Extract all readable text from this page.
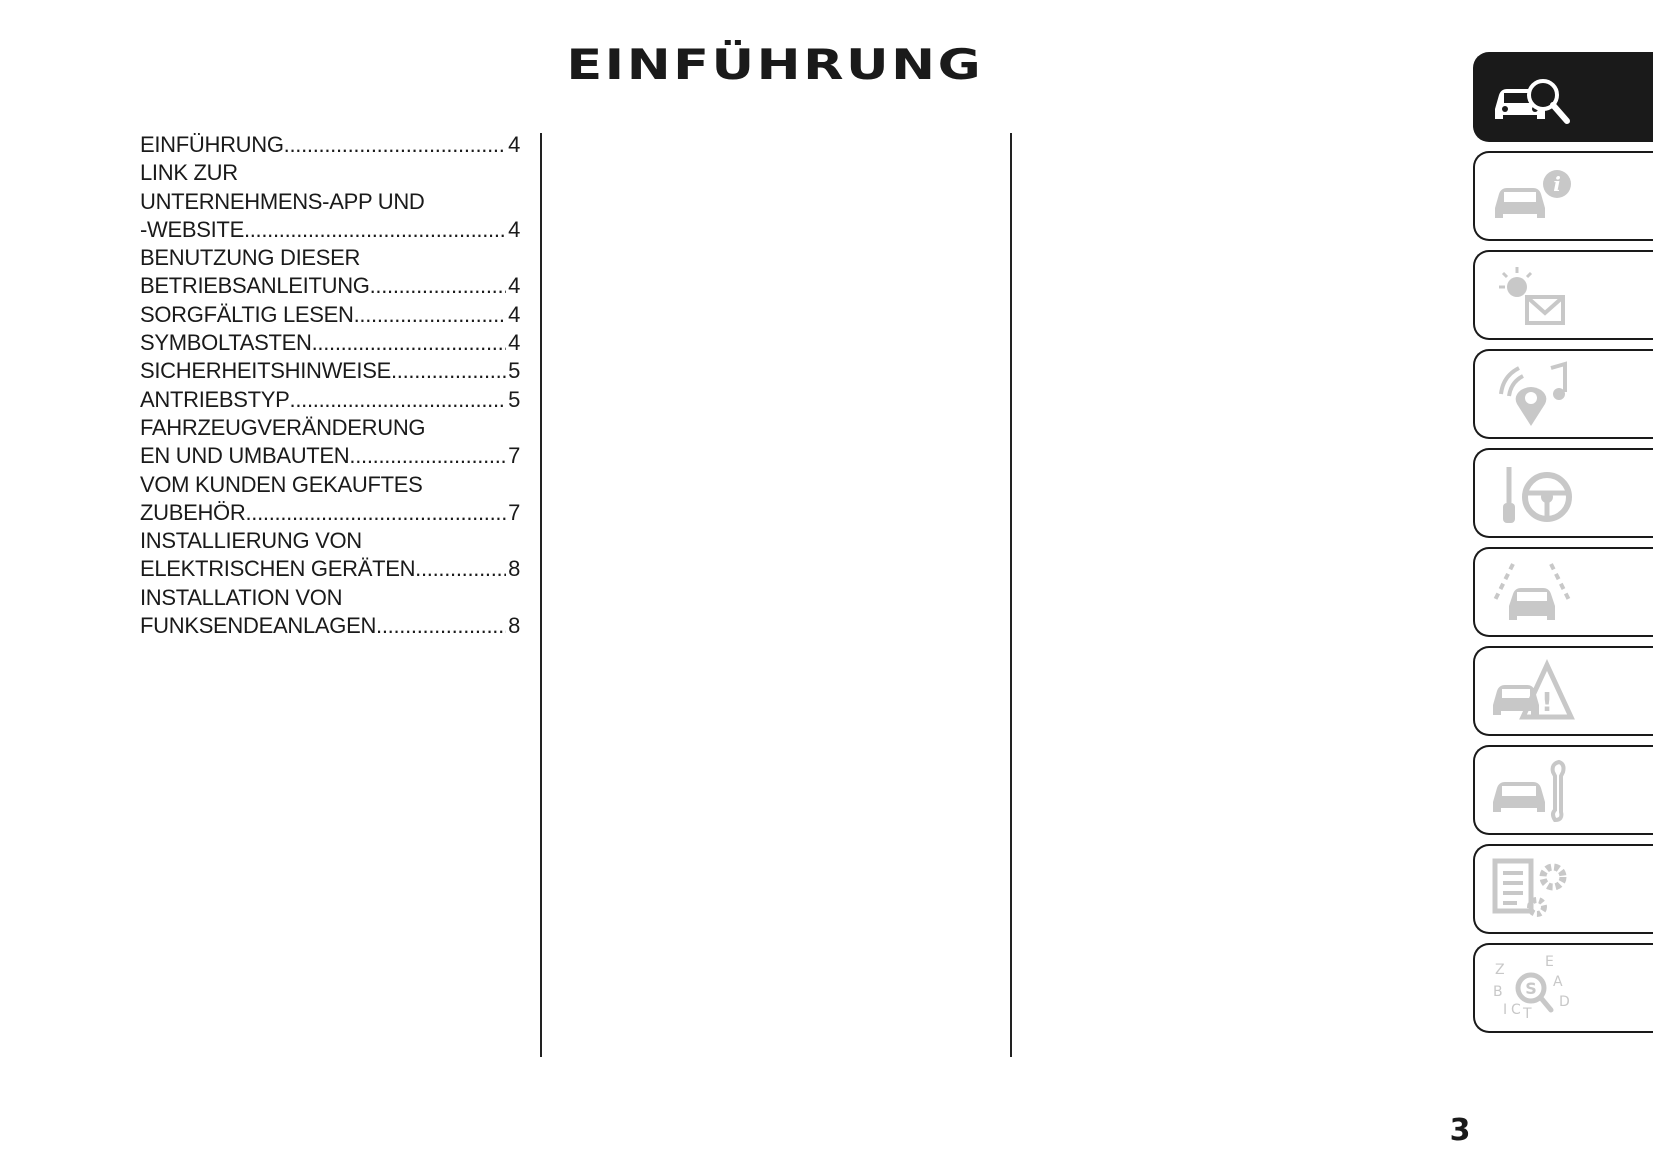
EINFÜHRUNG
EINFÜHRUNG .....	4
LINK ZUR
UNTERNEHMENS-APP UND
-WEBSITE .....	4
BENUTZUNG DIESER
BETRIEBSANLEITUNG .....	4
SORGFÄLTIG LESEN .....	4
SYMBOLTASTEN .....	4
SICHERHEITSHINWEISE .....	5
ANTRIEBSTYP .....	5
FAHRZEUGVERÄNDERUNG
EN UND UMBAUTEN .....	7
VOM KUNDEN GEKAUFTES
ZUBEHÖR .....	7
INSTALLIERUNG VON
ELEKTRISCHEN GERÄTEN .....	8
INSTALLATION VON
FUNKSENDEANLAGEN .....	8
i
!
Z
B
I C T
E
A
D
S
3
